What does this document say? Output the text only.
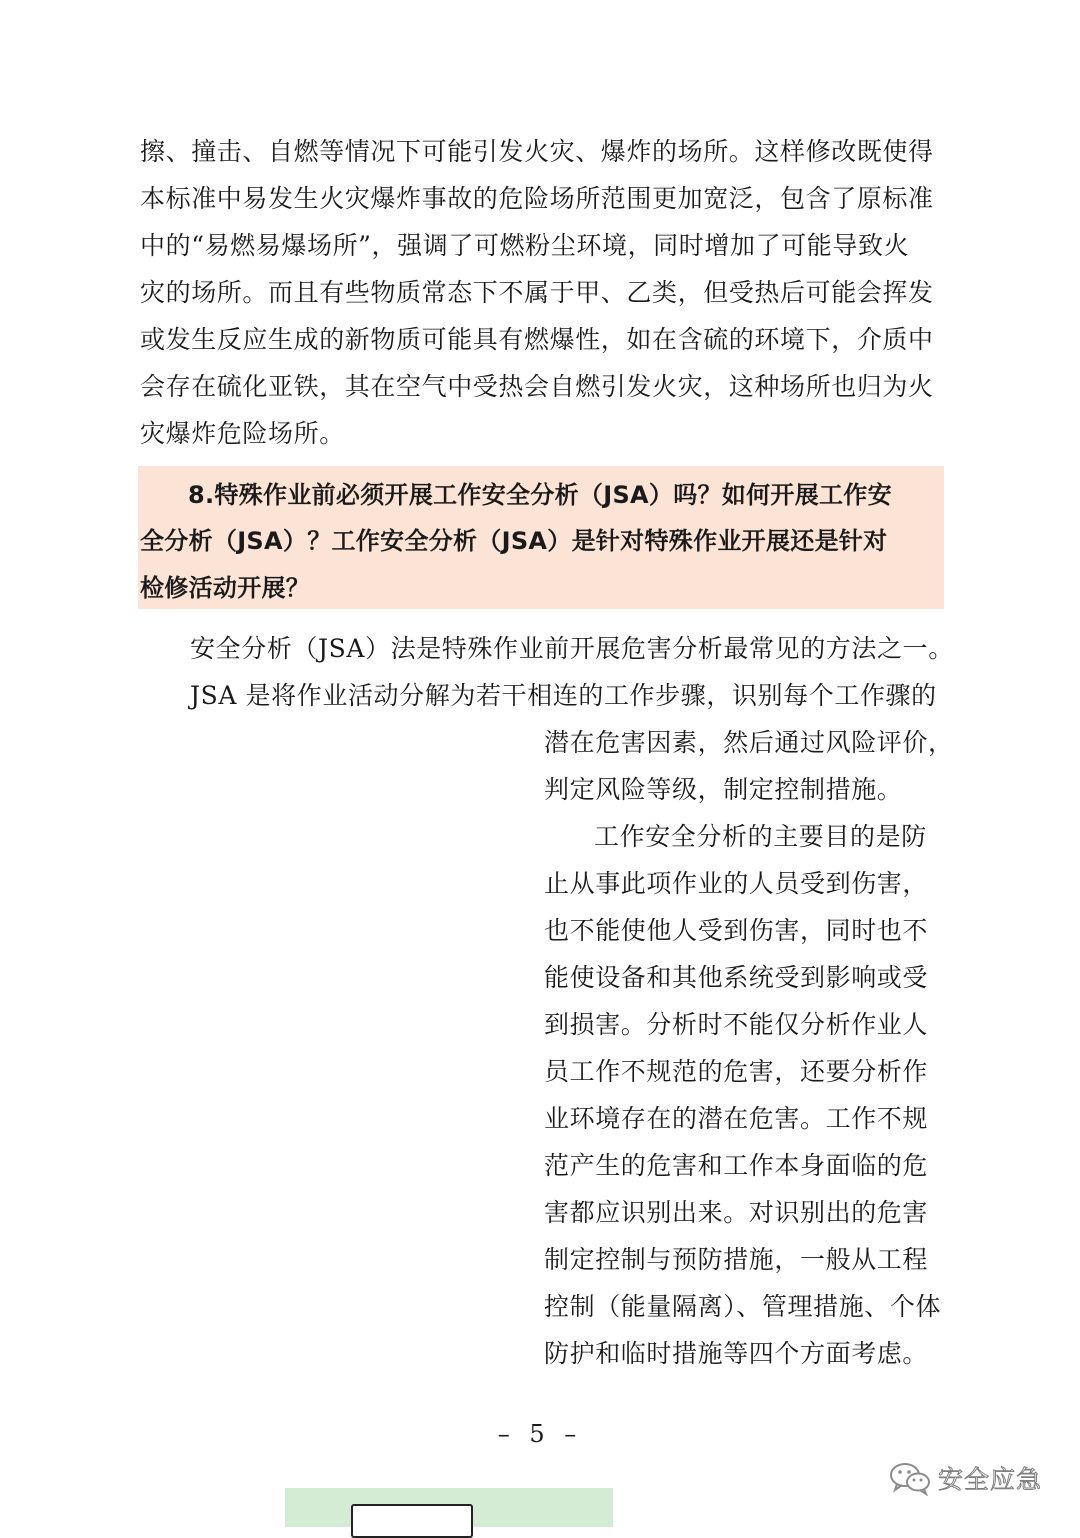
擦、撞击、自燃等情况下可能引发火灾、爆炸的场所。这样修改既使得
本标准中易发生火灾爆炸事故的危险场所范围更加宽泛，包含了原标准
中的“易燃易爆场所”，强调了可燃粉尘环境，同时增加了可能导致火
灾的场所。而且有些物质常态下不属于甲、乙类，但受热后可能会挥发
或发生反应生成的新物质可能具有燃爆性，如在含硫的环境下，介质中
会存在硫化亚铁，其在空气中受热会自燃引发火灾，这种场所也归为火
灾爆炸危险场所。
8.特殊作业前必须开展工作安全分析（JSA）吗？如何开展工作安
全分析（JSA）？工作安全分析（JSA）是针对特殊作业开展还是针对
检修活动开展？
安全分析（JSA）法是特殊作业前开展危害分析最常见的方法之一。
JSA 是将作业活动分解为若干相连的工作步骤，识别每个工作骤的
潜在危害因素，然后通过风险评价，
判定风险等级，制定控制措施。
工作安全分析的主要目的是防
止从事此项作业的人员受到伤害，
也不能使他人受到伤害，同时也不
能使设备和其他系统受到影响或受
到损害。分析时不能仅分析作业人
员工作不规范的危害，还要分析作
业环境存在的潜在危害。工作不规
范产生的危害和工作本身面临的危
害都应识别出来。对识别出的危害
制定控制与预防措施，一般从工程
控制（能量隔离）、管理措施、个体
防护和临时措施等四个方面考虑。
– 5 –
安全应急
